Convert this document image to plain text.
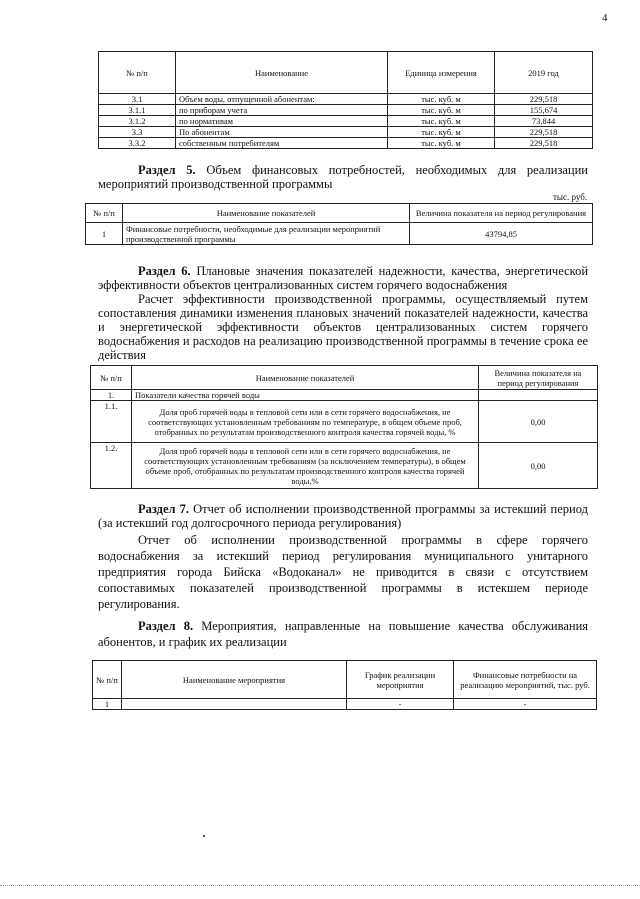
4
№ п/п	Наименование	Единица измерения	2019 год
3.1	Объем воды, отпущенной абонентам:	тыс. куб. м	229,518
3.1.1	по приборам учета	тыс. куб. м	155,674
3.1.2	по нормативам	тыс. куб. м	73,844
3.3	По абонентам	тыс. куб. м	229,518
3.3.2	собственным потребителям	тыс. куб. м	229,518
Раздел 5. Объем финансовых потребностей, необходимых для реализации мероприятий производственной программы
тыс. руб.
№ п/п	Наименование показателей	Величина показателя на период регулирования
1	Финансовые потребности, необходимые для реализации мероприятий производственной программы	43794,85
Раздел 6. Плановые значения показателей надежности, качества, энергетической эффективности объектов централизованных систем горячего водоснабжения
Расчет эффективности производственной программы, осуществляемый путем сопоставления динамики изменения плановых значений показателей надежности, качества и энергетической эффективности объектов централизованных систем горячего водоснабжения и расходов на реализацию производственной программы в течение срока ее действия
№ п/п	Наименование показателей	Величина показателя на период регулирования
1.	Показатели качества горячей воды	
1.1.	Доля проб горячей воды в тепловой сети или в сети горячего водоснабжения, не соответствующих установленным требованиям по температуре, в общем объеме проб, отобранных по результатам производственного контроля качества горячей воды, %	0,00
1.2.	Доля проб горячей воды в тепловой сети или в сети горячего водоснабжения, не соответствующих установленным требованиям (за исключением температуры), в общем объеме проб, отобранных по результатам производственного контроля качества горячей воды,%	0,00
Раздел 7. Отчет об исполнении производственной программы за истекший период (за истекший год долгосрочного периода регулирования)
Отчет об исполнении производственной программы в сфере горячего водоснабжения за истекший период регулирования муниципального унитарного предприятия города Бийска «Водоканал» не приводится в связи с отсутствием сопоставимых показателей производственной программы в истекшем периоде регулирования.
Раздел 8. Мероприятия, направленные на повышение качества обслуживания абонентов, и график их реализации
№ п/п	Наименование мероприятия	График реализации мероприятия	Финансовые потребности на реализацию мероприятий, тыс. руб.
1		-	-
